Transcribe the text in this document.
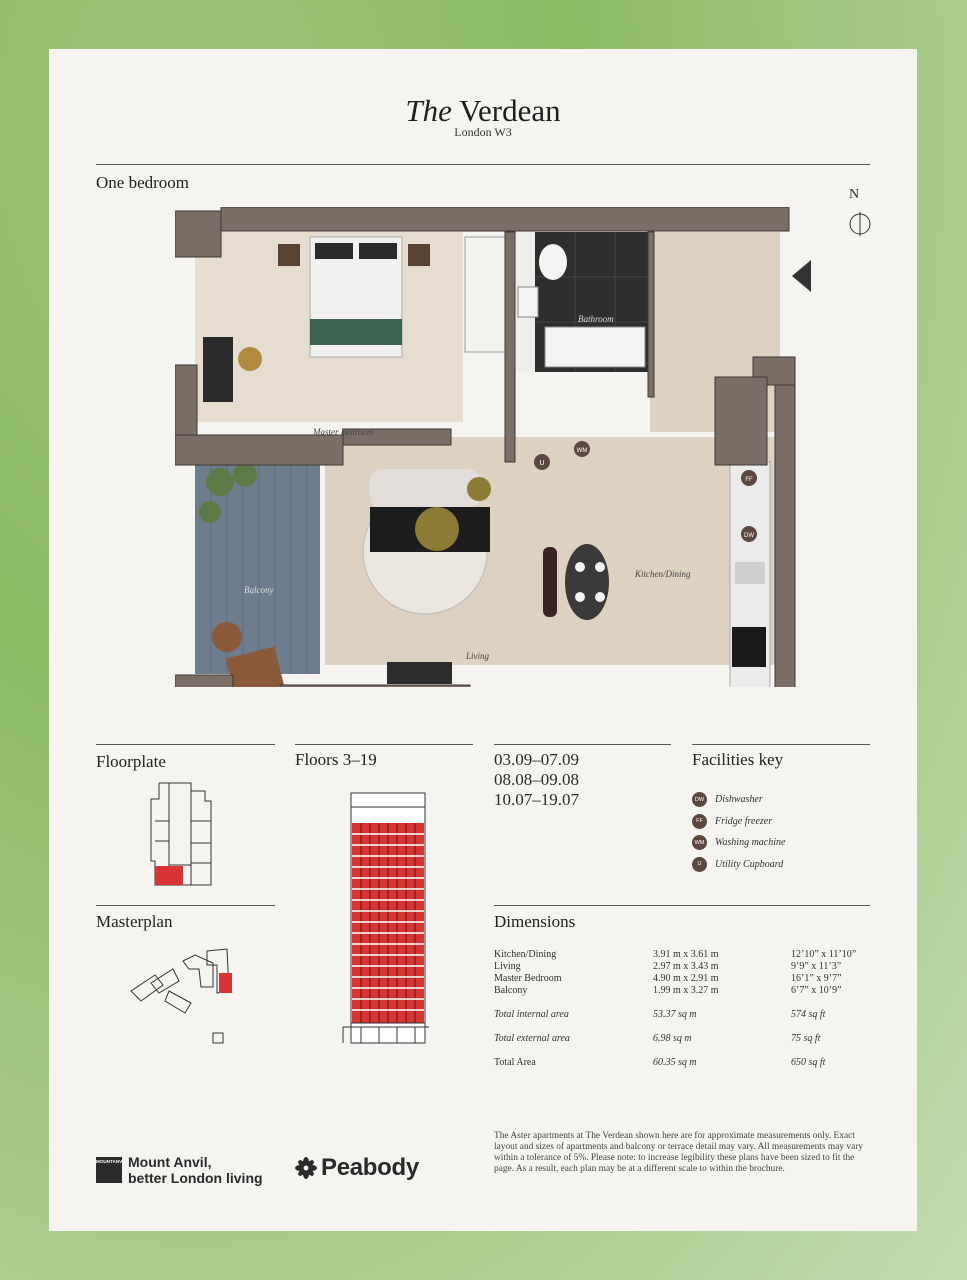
The Verdean
London W3
One bedroom
N
Master Bedroom
Bathroom
Balcony
Living
Kitchen/Dining
U
WM
FF
DW
Floorplate
Masterplan
Floors 3–19	03.09–07.09
08.08–09.08
10.07–19.07
Facilities key
DW Dishwasher
FF	Fridge freezer
WM Washing machine
U	Utility Cupboard
Dimensions
Kitchen/Dining	3.91 m x 3.61 m	12’10” x 11’10”
Living	2.97 m x 3.43 m	9’9” x 11’3”
Master Bedroom	4.90 m x 2.91 m	16’1” x 9’7”
Balcony	1.99 m x 3.27 m	6’7” x 10’9”
Total internal area	53.37 sq m	574 sq ft
Total external area	6.98 sq m	75 sq ft
Total Area	60.35 sq m	650 sq ft
MOUNTANVIL Mount Anvil,
better London living Peabody
The Aster apartments at The Verdean shown here are for approximate measurements only. Exact layout and sizes of apartments and balcony or terrace detail may vary. All measurements may vary within a tolerance of 5%. Please note: to increase legibility these plans have been sized to fit the page. As a result, each plan may be at a different scale to within the brochure.
